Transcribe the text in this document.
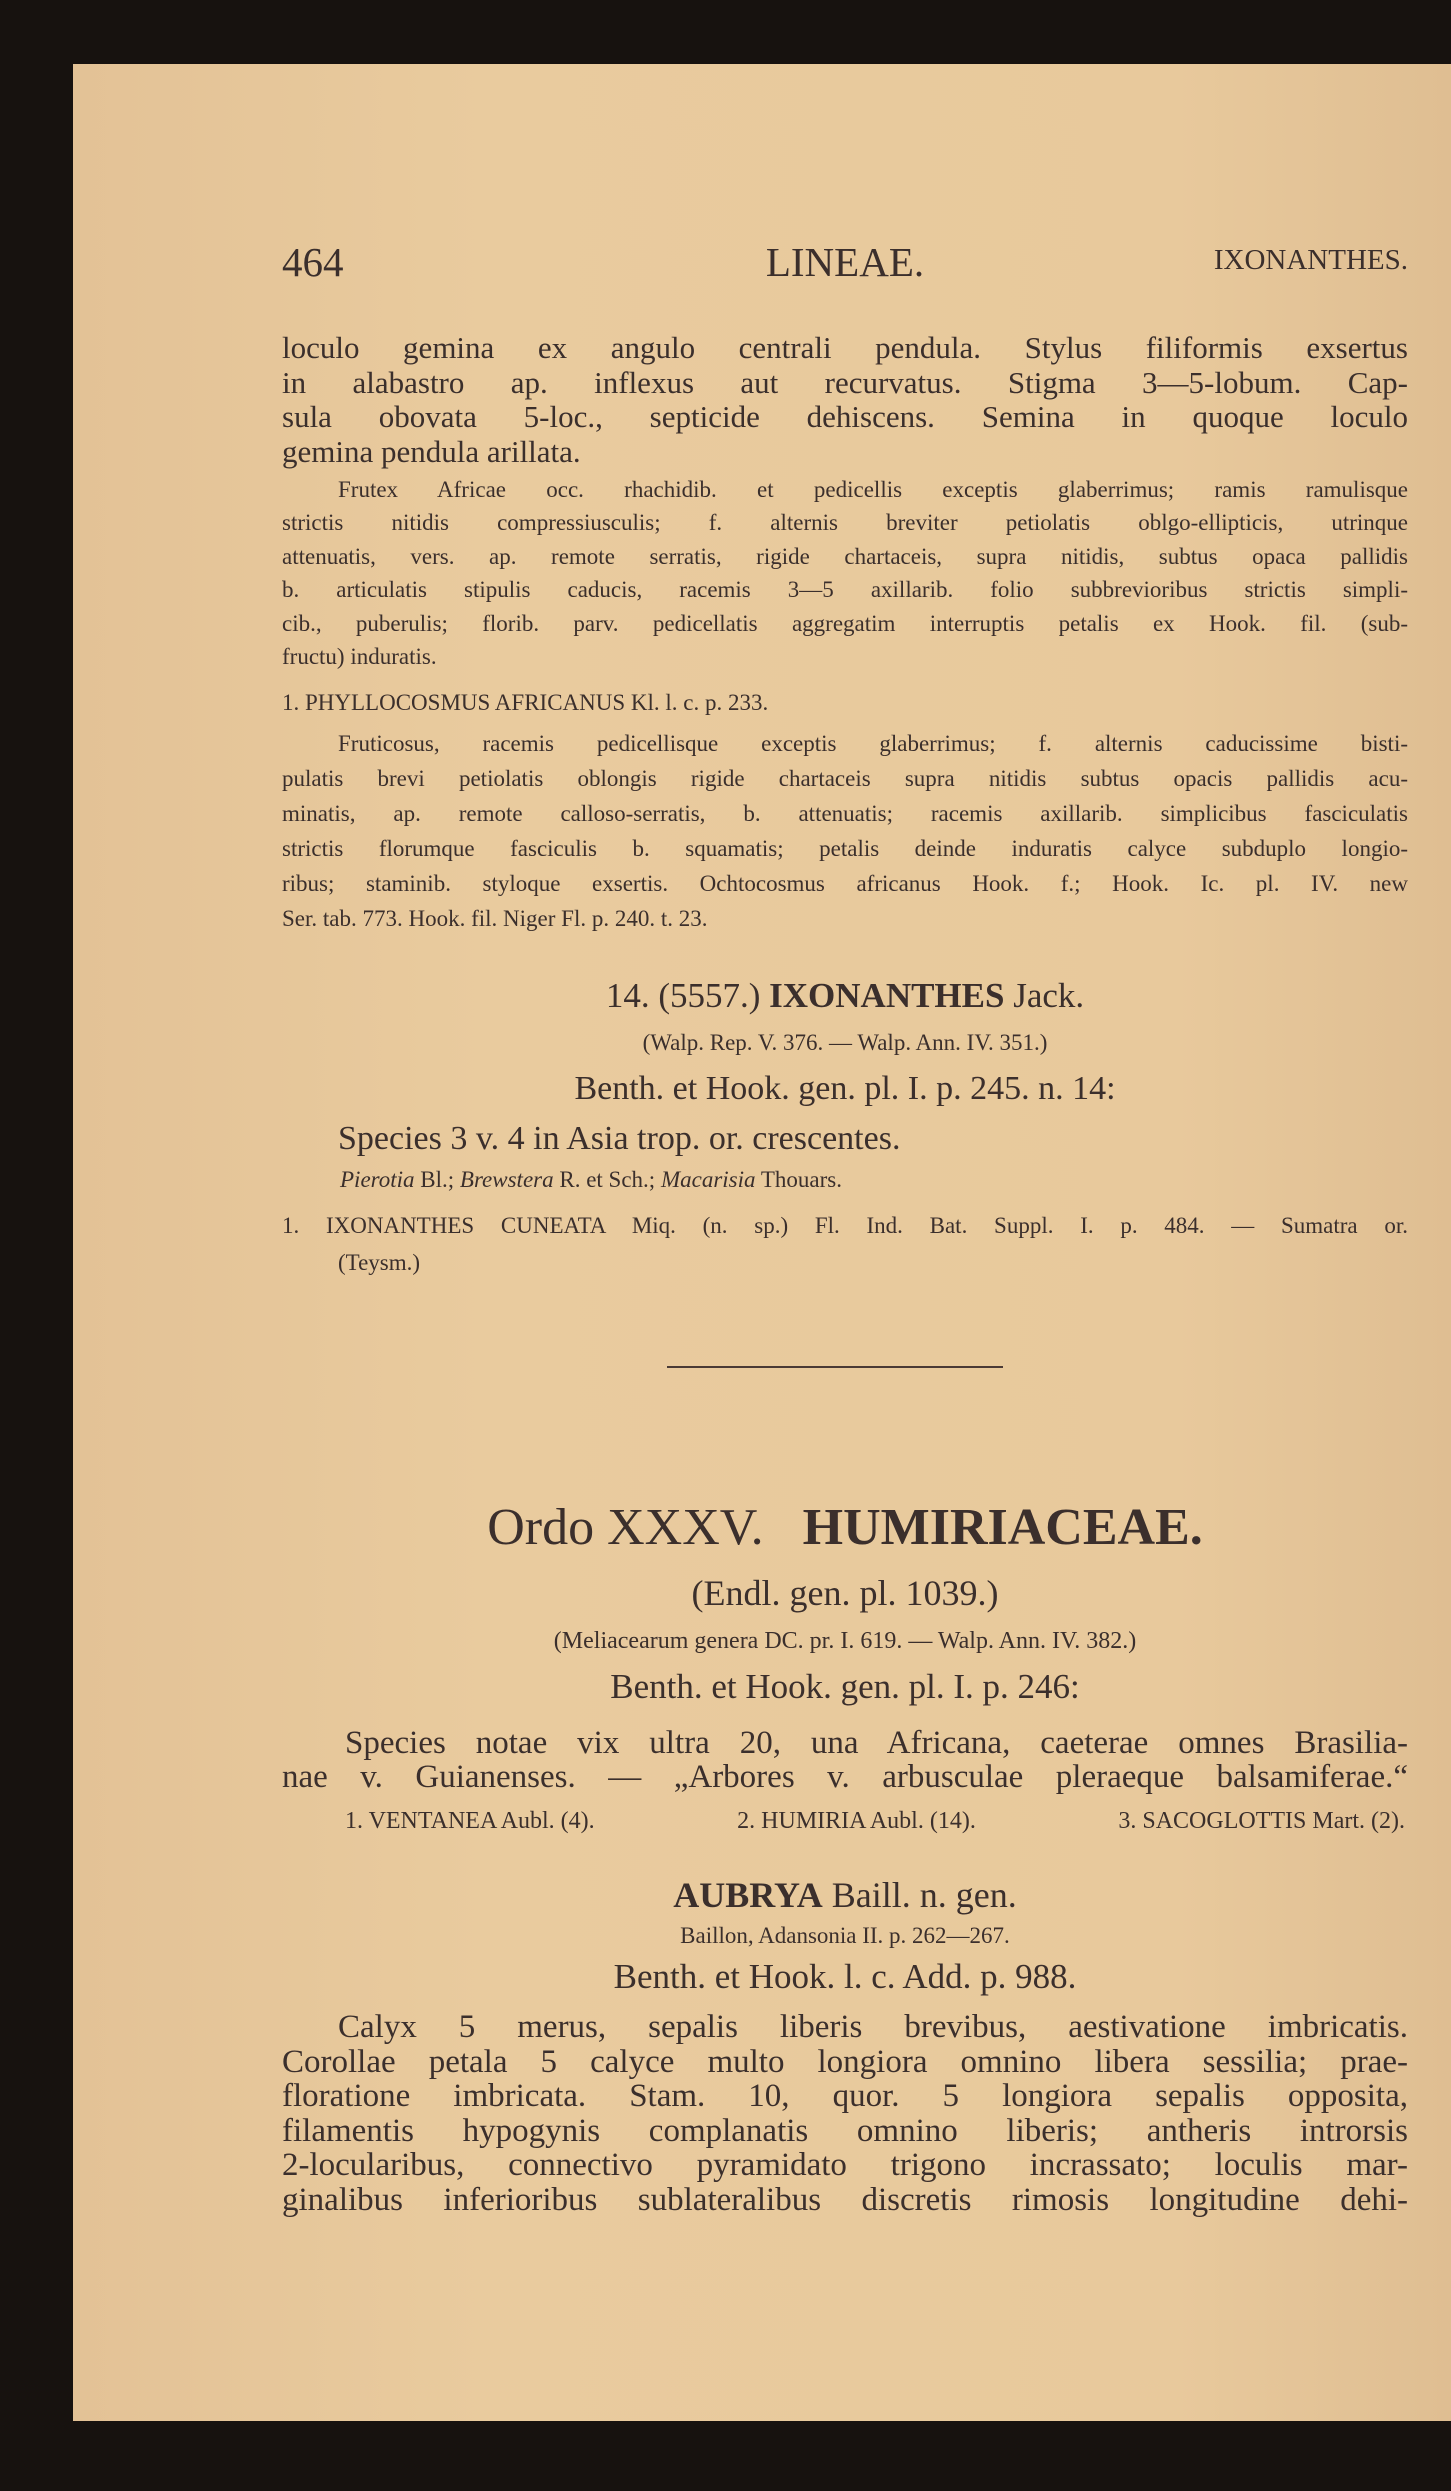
464	LINEAE.	IXONANTHES.
loculo gemina ex angulo centrali pendula. Stylus filiformis exsertus
in alabastro ap. inflexus aut recurvatus. Stigma 3—5-lobum. Cap-
sula obovata 5-loc., septicide dehiscens. Semina in quoque loculo
gemina pendula arillata.
Frutex Africae occ. rhachidib. et pedicellis exceptis glaberrimus; ramis ramulisque
strictis nitidis compressiusculis; f. alternis breviter petiolatis oblgo-ellipticis, utrinque
attenuatis, vers. ap. remote serratis, rigide chartaceis, supra nitidis, subtus opaca pallidis
b. articulatis stipulis caducis, racemis 3—5 axillarib. folio subbrevioribus strictis simpli-
cib., puberulis; florib. parv. pedicellatis aggregatim interruptis petalis ex Hook. fil. (sub-
fructu) induratis.
1. PHYLLOCOSMUS AFRICANUS Kl. l. c. p. 233.
Fruticosus, racemis pedicellisque exceptis glaberrimus; f. alternis caducissime bisti-
pulatis brevi petiolatis oblongis rigide chartaceis supra nitidis subtus opacis pallidis acu-
minatis, ap. remote calloso-serratis, b. attenuatis; racemis axillarib. simplicibus fasciculatis
strictis florumque fasciculis b. squamatis; petalis deinde induratis calyce subduplo longio-
ribus; staminib. styloque exsertis. Ochtocosmus africanus Hook. f.; Hook. Ic. pl. IV. new
Ser. tab. 773. Hook. fil. Niger Fl. p. 240. t. 23.
14. (5557.) IXONANTHES Jack.
(Walp. Rep. V. 376. — Walp. Ann. IV. 351.)
Benth. et Hook. gen. pl. I. p. 245. n. 14:
Species 3 v. 4 in Asia trop. or. crescentes.
Pierotia Bl.; Brewstera R. et Sch.; Macarisia Thouars.
1. IXONANTHES CUNEATA Miq. (n. sp.) Fl. Ind. Bat. Suppl. I. p. 484. — Sumatra or.
(Teysm.)
Ordo XXXV. HUMIRIACEAE.
(Endl. gen. pl. 1039.)
(Meliacearum genera DC. pr. I. 619. — Walp. Ann. IV. 382.)
Benth. et Hook. gen. pl. I. p. 246:
Species notae vix ultra 20, una Africana, caeterae omnes Brasilia-
nae v. Guianenses. — „Arbores v. arbusculae pleraeque balsamiferae.“
1. VENTANEA Aubl. (4).	2. HUMIRIA Aubl. (14).	3. SACOGLOTTIS Mart. (2).
AUBRYA Baill. n. gen.
Baillon, Adansonia II. p. 262—267.
Benth. et Hook. l. c. Add. p. 988.
Calyx 5 merus, sepalis liberis brevibus, aestivatione imbricatis.
Corollae petala 5 calyce multo longiora omnino libera sessilia; prae-
floratione imbricata. Stam. 10, quor. 5 longiora sepalis opposita,
filamentis hypogynis complanatis omnino liberis; antheris introrsis
2-locularibus, connectivo pyramidato trigono incrassato; loculis mar-
ginalibus inferioribus sublateralibus discretis rimosis longitudine dehi-
